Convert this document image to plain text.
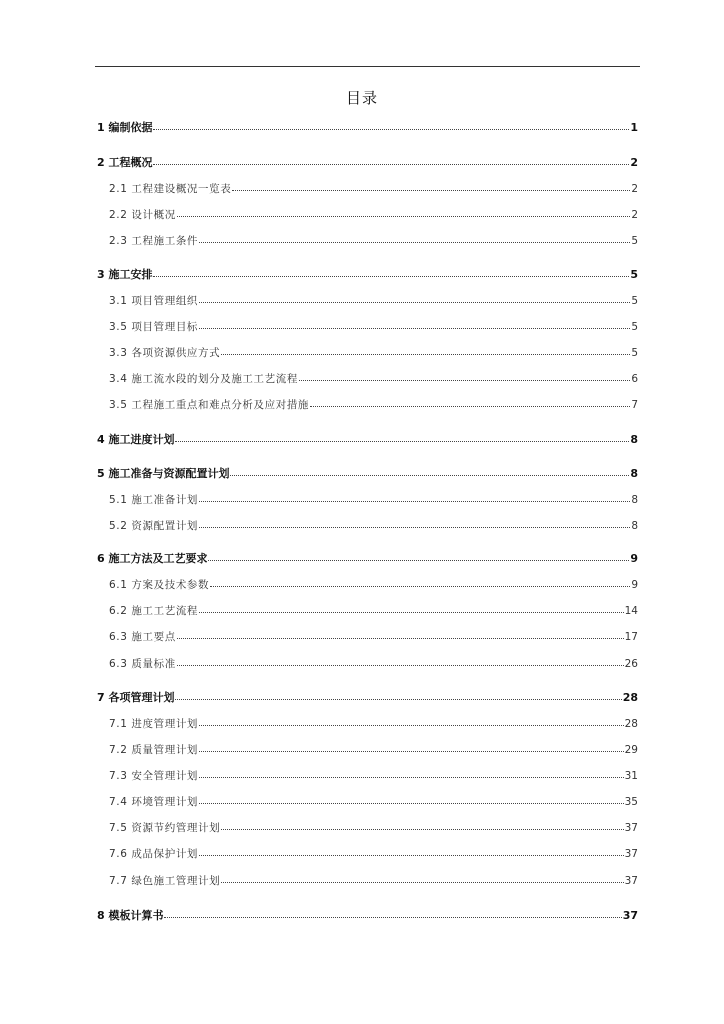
目录
1 编制依据	1
2 工程概况	2
2.1 工程建设概况一览表	2
2.2 设计概况	2
2.3 工程施工条件	5
3 施工安排	5
3.1 项目管理组织	5
3.5 项目管理目标	5
3.3 各项资源供应方式	5
3.4 施工流水段的划分及施工工艺流程	6
3.5 工程施工重点和难点分析及应对措施	7
4 施工进度计划	8
5 施工准备与资源配置计划	8
5.1 施工准备计划	8
5.2 资源配置计划	8
6 施工方法及工艺要求	9
6.1 方案及技术参数	9
6.2 施工工艺流程	14
6.3 施工要点	17
6.3 质量标准	26
7 各项管理计划	28
7.1 进度管理计划	28
7.2 质量管理计划	29
7.3 安全管理计划	31
7.4 环境管理计划	35
7.5 资源节约管理计划	37
7.6 成品保护计划	37
7.7 绿色施工管理计划	37
8 模板计算书	37
